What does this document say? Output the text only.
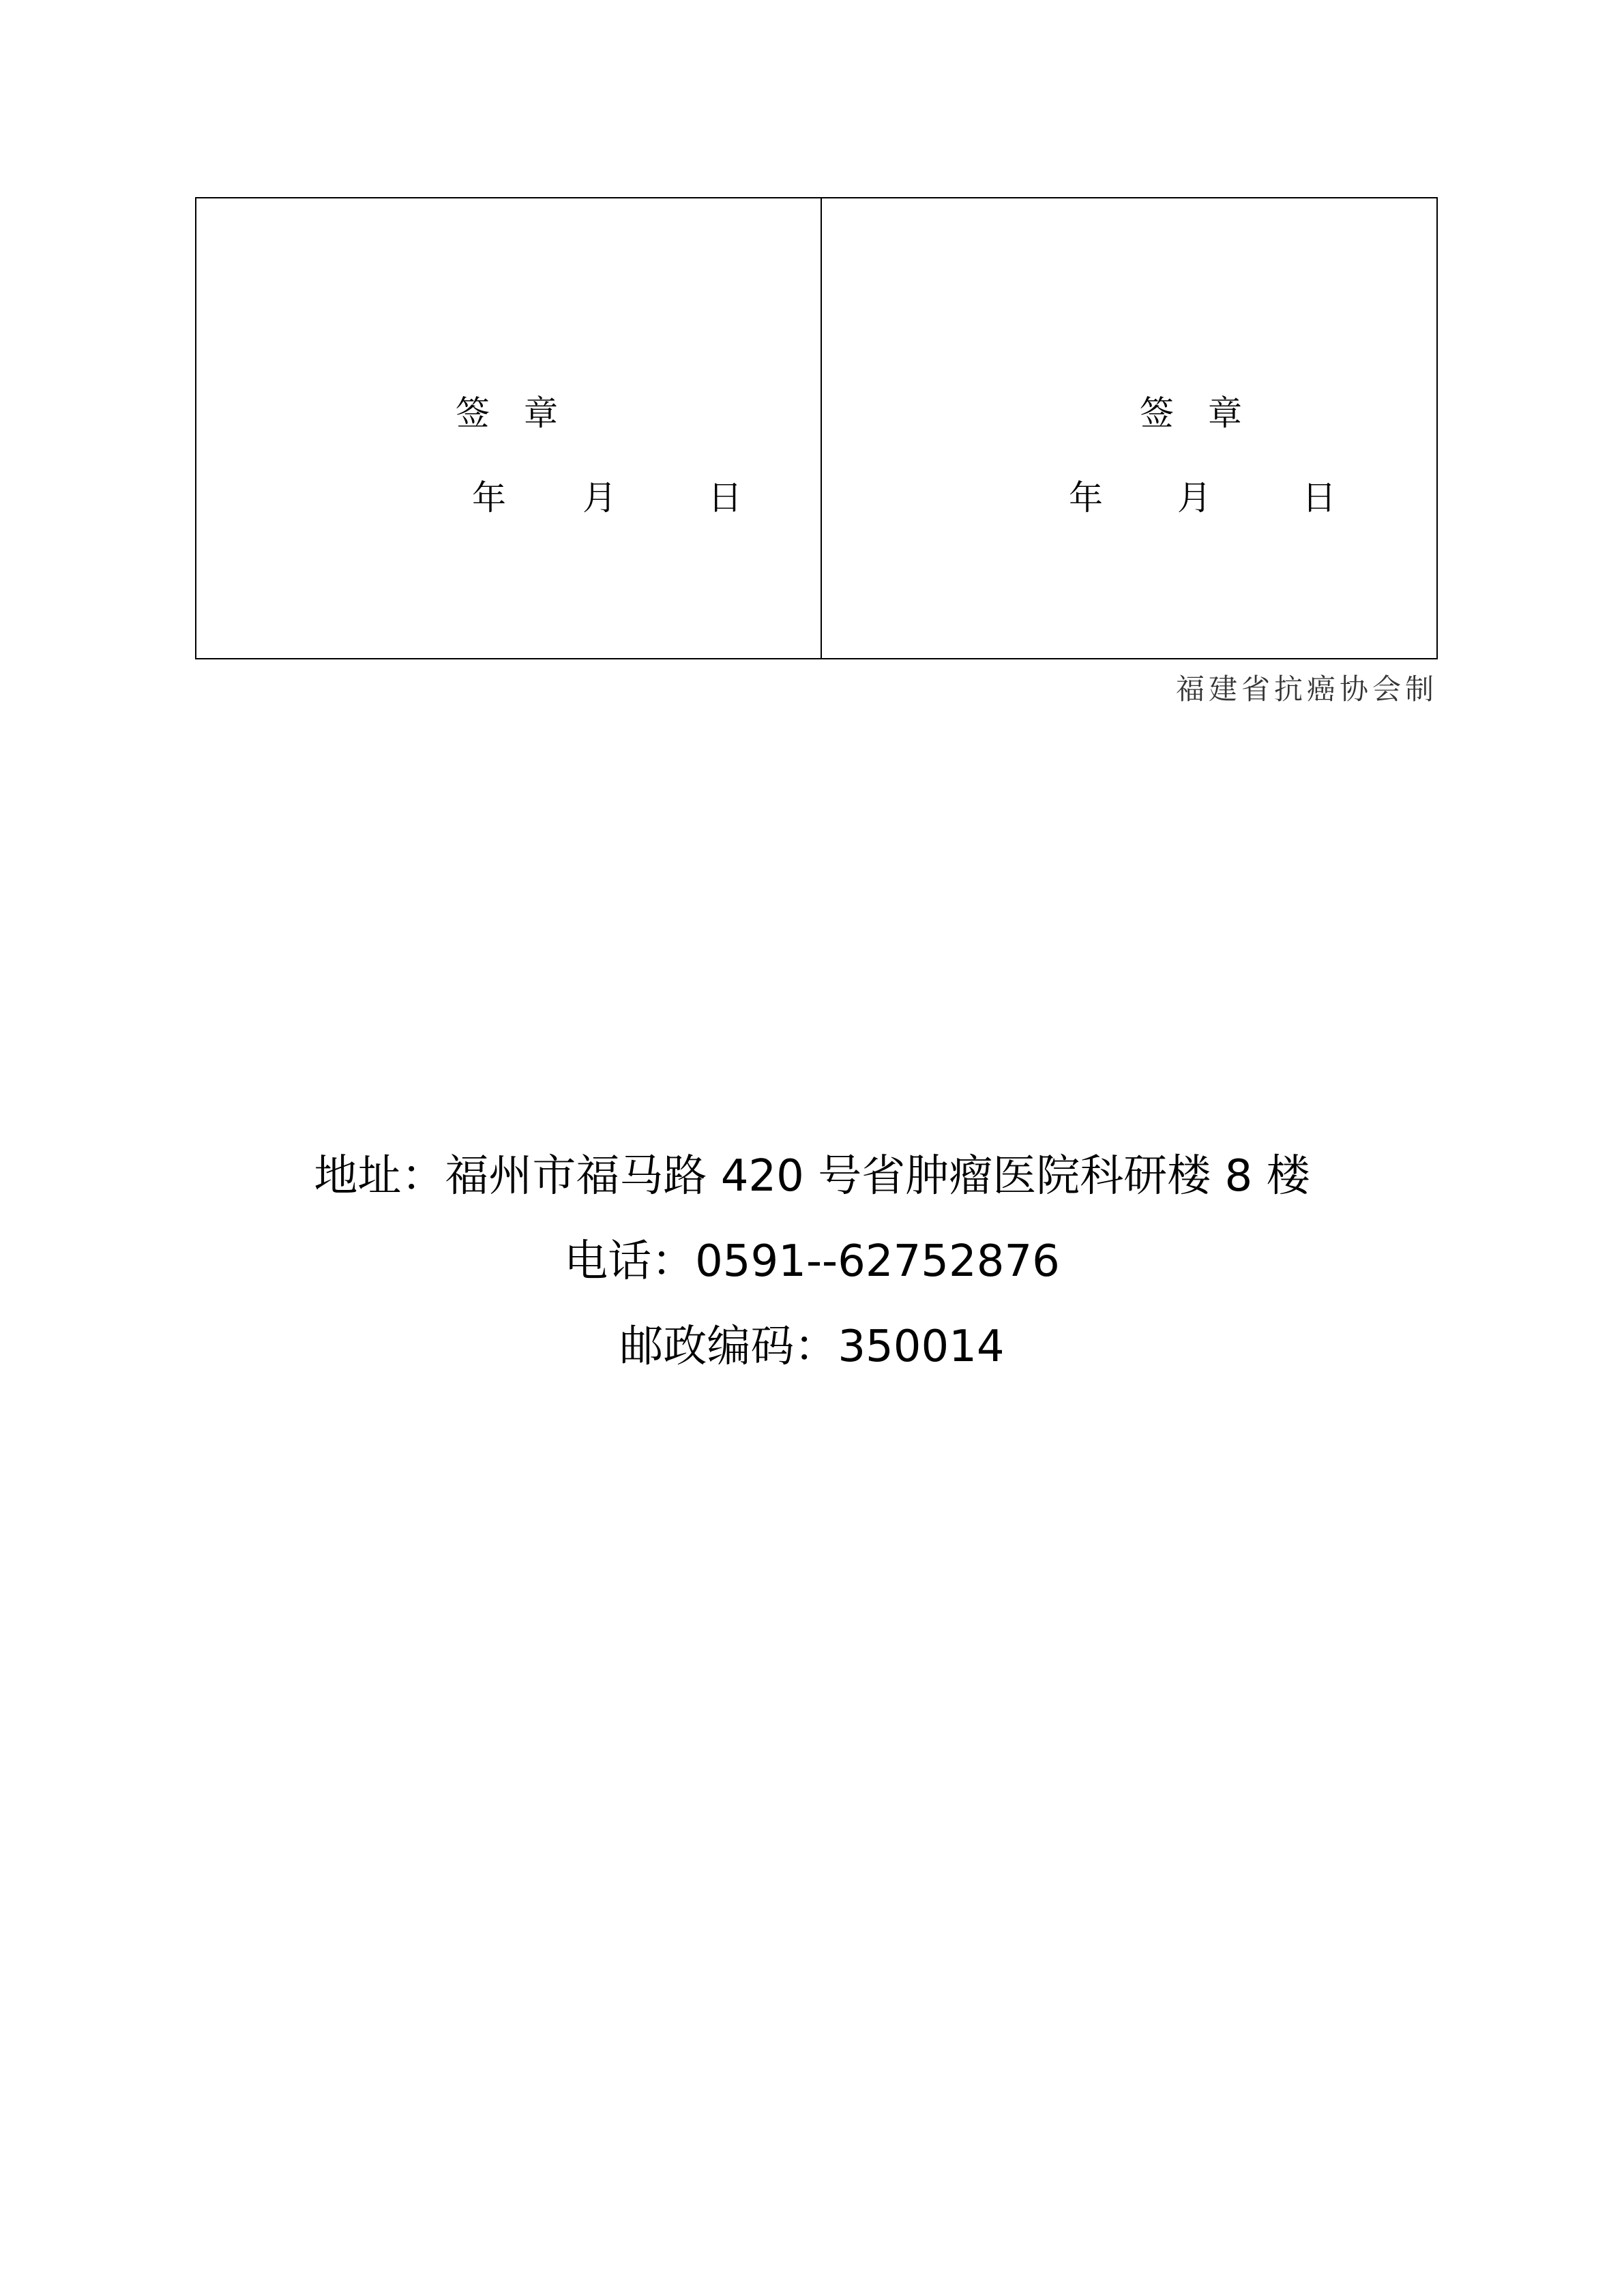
签　章
年 月	日
签　章
年 月	日
福建省抗癌协会制
地址：福州市福马路 420 号省肿瘤医院科研楼 8 楼
电话：0591--62752876
邮政编码：350014
